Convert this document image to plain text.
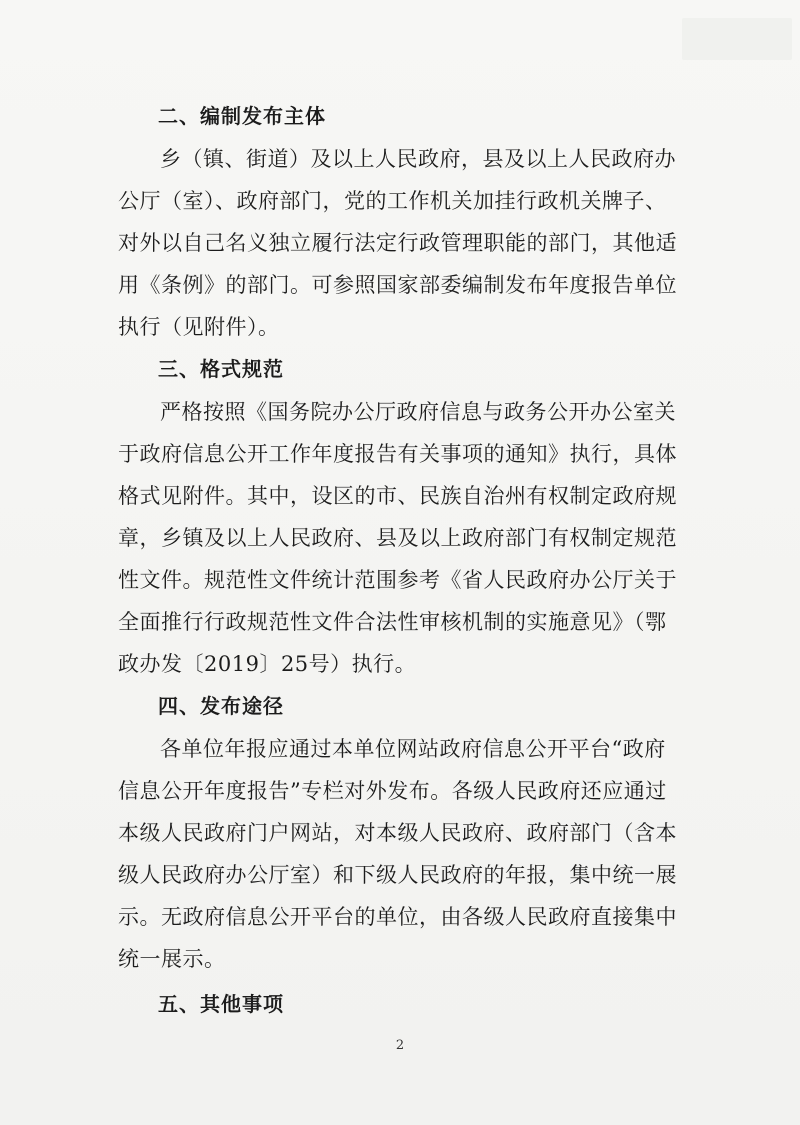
二、编制发布主体
乡（镇、街道）及以上人民政府，县及以上人民政府办
公厅（室）、政府部门，党的工作机关加挂行政机关牌子、
对外以自己名义独立履行法定行政管理职能的部门，其他适
用《条例》的部门。可参照国家部委编制发布年度报告单位
执行（见附件）。
三、格式规范
严格按照《国务院办公厅政府信息与政务公开办公室关
于政府信息公开工作年度报告有关事项的通知》执行，具体
格式见附件。其中，设区的市、民族自治州有权制定政府规
章，乡镇及以上人民政府、县及以上政府部门有权制定规范
性文件。规范性文件统计范围参考《省人民政府办公厅关于
全面推行行政规范性文件合法性审核机制的实施意见》（鄂
政办发〔2019〕25号）执行。
四、发布途径
各单位年报应通过本单位网站政府信息公开平台“政府
信息公开年度报告”专栏对外发布。各级人民政府还应通过
本级人民政府门户网站，对本级人民政府、政府部门（含本
级人民政府办公厅室）和下级人民政府的年报，集中统一展
示。无政府信息公开平台的单位，由各级人民政府直接集中
统一展示。
五、其他事项
2
